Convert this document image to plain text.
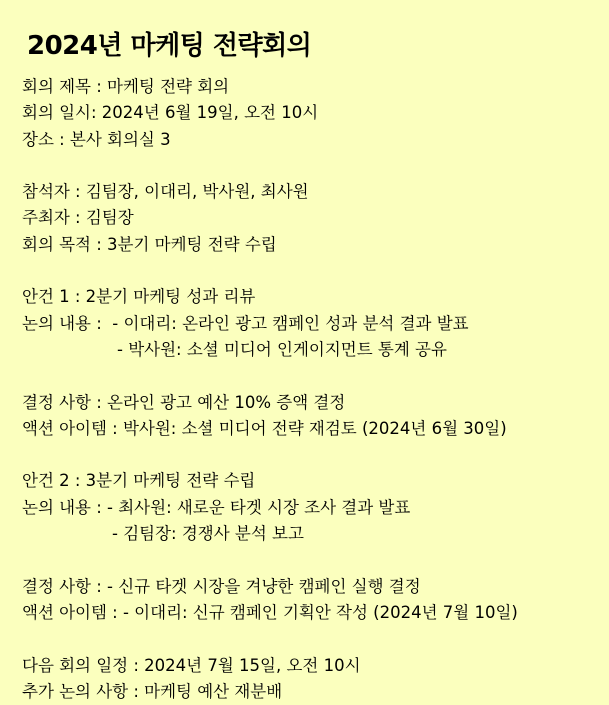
2024년 마케팅 전략회의
회의 제목 : 마케팅 전략 회의
회의 일시: 2024년 6월 19일, 오전 10시
장소 : 본사 회의실 3
참석자 : 김팀장, 이대리, 박사원, 최사원
주최자 : 김팀장
회의 목적 : 3분기 마케팅 전략 수립
안건 1 : 2분기 마케팅 성과 리뷰
논의 내용 :  - 이대리: 온라인 광고 캠페인 성과 분석 결과 발표
- 박사원: 소셜 미디어 인게이지먼트 통계 공유
결정 사항 : 온라인 광고 예산 10% 증액 결정
액션 아이템 : 박사원: 소셜 미디어 전략 재검토 (2024년 6월 30일)
안건 2 : 3분기 마케팅 전략 수립
논의 내용 : - 최사원: 새로운 타겟 시장 조사 결과 발표
- 김팀장: 경쟁사 분석 보고
결정 사항 : - 신규 타겟 시장을 겨냥한 캠페인 실행 결정
액션 아이템 : - 이대리: 신규 캠페인 기획안 작성 (2024년 7월 10일)
다음 회의 일정 : 2024년 7월 15일, 오전 10시
추가 논의 사항 : 마케팅 예산 재분배
